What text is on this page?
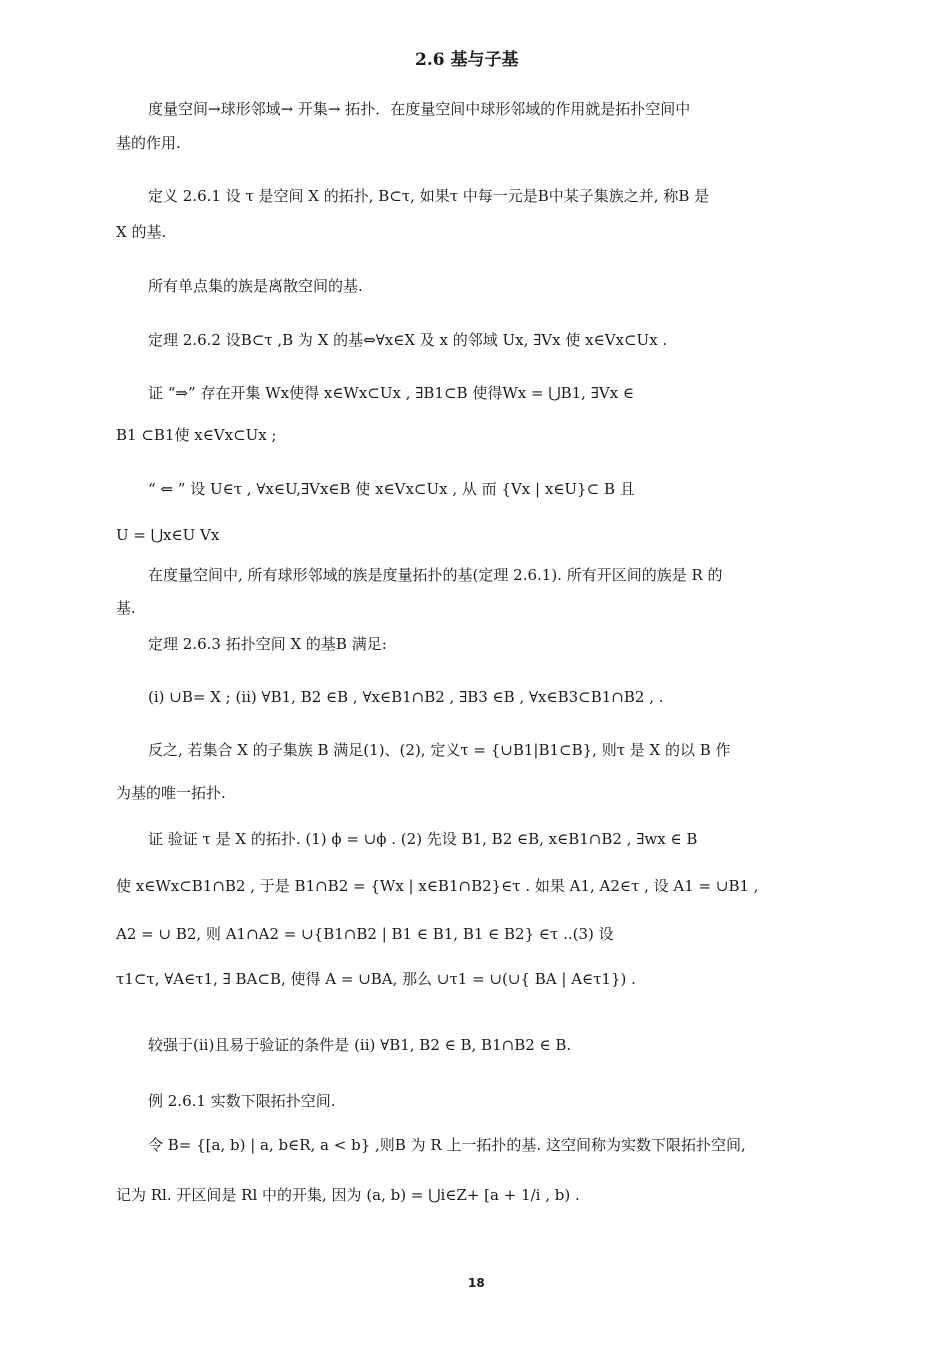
2.6 基与子基
度量空间→球形邻域→ 开集→ 拓扑．在度量空间中球形邻域的作用就是拓扑空间中
基的作用.
定义 2.6.1 设 τ 是空间 X 的拓扑, B⊂τ, 如果τ 中每一元是B中某子集族之并, 称B 是
X 的基.
所有单点集的族是离散空间的基.
定理 2.6.2 设B⊂τ ,B 为 X 的基⇔∀x∈X 及 x 的邻域 Ux, ∃Vx 使 x∈Vx⊂Ux .
证 “⇒” 存在开集 Wx使得 x∈Wx⊂Ux , ∃B1⊂B 使得Wx = ⋃B1, ∃Vx ∈
B1 ⊂B1使 x∈Vx⊂Ux ;
“ ⇐ ” 设 U∈τ , ∀x∈U,∃Vx∈B 使 x∈Vx⊂Ux , 从 而 {Vx | x∈U}⊂ B 且
U = ⋃x∈U Vx
在度量空间中, 所有球形邻域的族是度量拓扑的基(定理 2.6.1). 所有开区间的族是 R 的
基.
定理 2.6.3 拓扑空间 X 的基B 满足:
(i) ∪B= X ; (ii) ∀B1, B2 ∈B , ∀x∈B1∩B2 , ∃B3 ∈B , ∀x∈B3⊂B1∩B2 , .
反之, 若集合 X 的子集族 B 满足(1)、(2), 定义τ = {∪B1|B1⊂B}, 则τ 是 X 的以 B 作
为基的唯一拓扑.
证 验证 τ 是 X 的拓扑. (1) ϕ = ∪ϕ . (2) 先设 B1, B2 ∈B, x∈B1∩B2 , ∃wx ∈ B
使 x∈Wx⊂B1∩B2 , 于是 B1∩B2 = {Wx | x∈B1∩B2}∈τ . 如果 A1, A2∈τ , 设 A1 = ∪B1 ,
A2 = ∪ B2, 则 A1∩A2 = ∪{B1∩B2 | B1 ∈ B1, B1 ∈ B2} ∈τ ..(3) 设
τ1⊂τ, ∀A∈τ1, ∃ BA⊂B, 使得 A = ∪BA, 那么 ∪τ1 = ∪(∪{ BA | A∈τ1}) .
较强于(ii)且易于验证的条件是 (ii) ∀B1, B2 ∈ B, B1∩B2 ∈ B.
例 2.6.1 实数下限拓扑空间.
令 B= {[a, b) | a, b∈R, a < b} ,则B 为 R 上一拓扑的基. 这空间称为实数下限拓扑空间,
记为 Rl. 开区间是 Rl 中的开集, 因为 (a, b) = ⋃i∈Z+ [a + 1/i , b) .
18
